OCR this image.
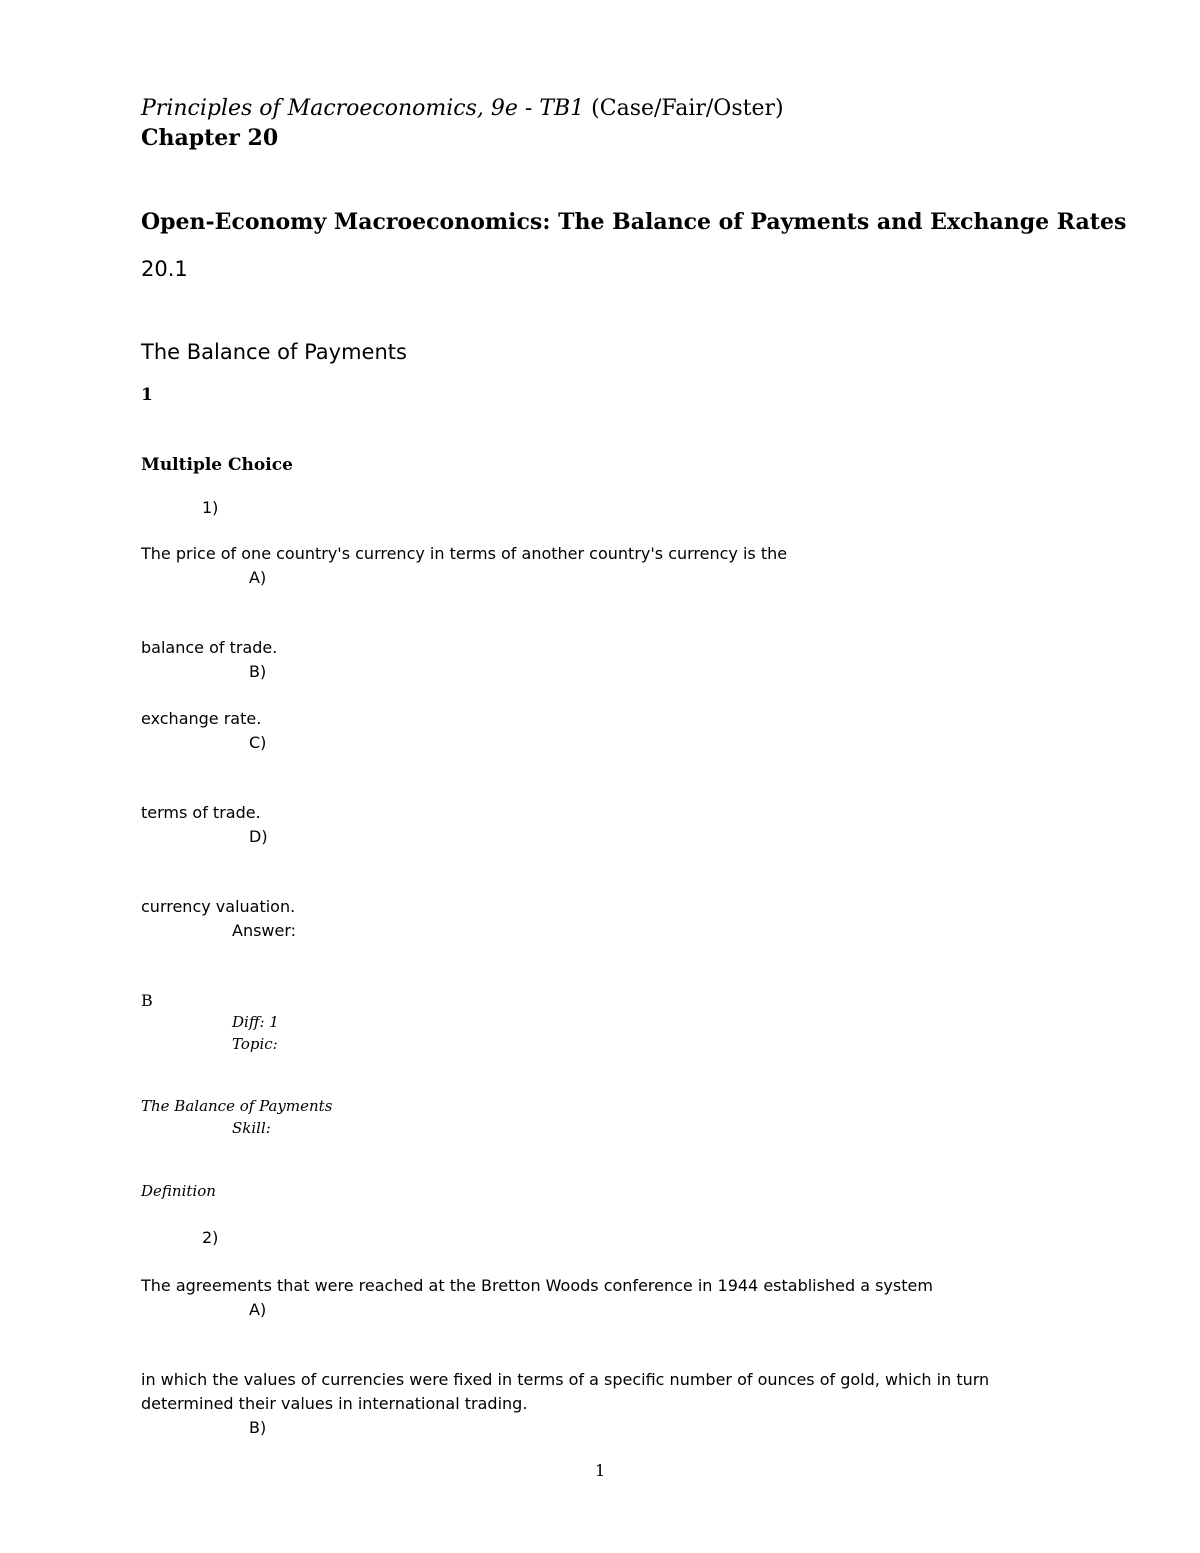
Principles of Macroeconomics, 9e - TB1 (Case/Fair/Oster)
Chapter 20
Open-Economy Macroeconomics: The Balance of Payments and Exchange Rates
20.1
The Balance of Payments
1
Multiple Choice
1)
The price of one country's currency in terms of another country's currency is the
A)
balance of trade.
B)
exchange rate.
C)
terms of trade.
D)
currency valuation.
Answer:
B
Diff: 1
Topic:
The Balance of Payments
Skill:
Definition
2)
The agreements that were reached at the Bretton Woods conference in 1944 established a system
A)
in which the values of currencies were fixed in terms of a specific number of ounces of gold, which in turn
determined their values in international trading.
B)
1
